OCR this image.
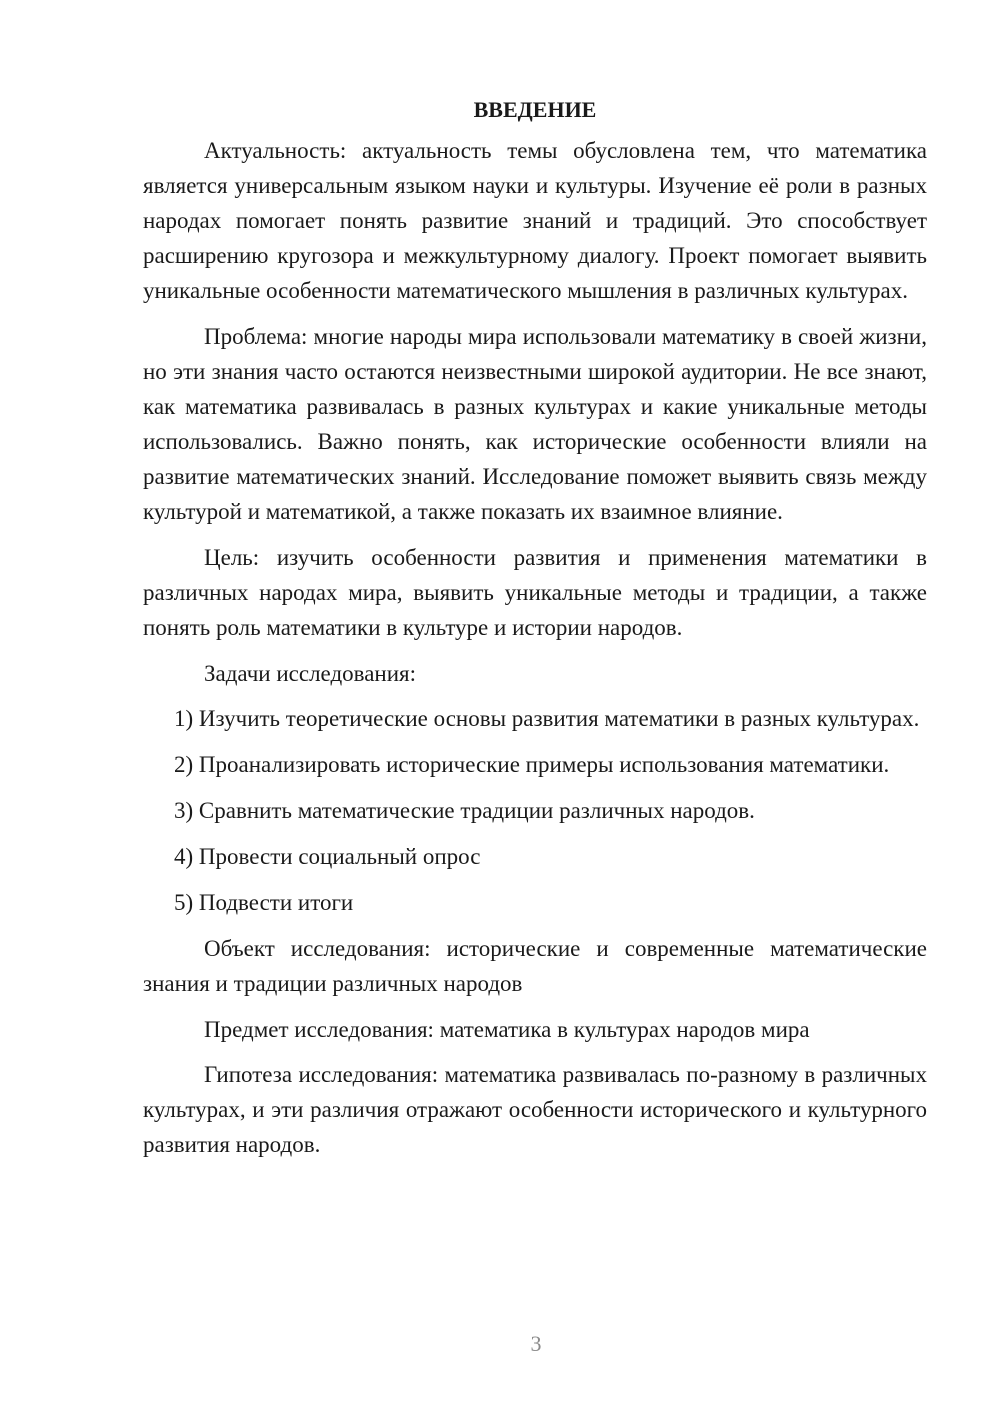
ВВЕДЕНИЕ

Актуальность: актуальность темы обусловлена тем, что математика является универсальным языком науки и культуры. Изучение её роли в разных народах помогает понять развитие знаний и традиций. Это способствует расширению кругозора и межкультурному диалогу. Проект помогает выявить уникальные особенности математического мышления в различных культурах.

Проблема: многие народы мира использовали математику в своей жизни, но эти знания часто остаются неизвестными широкой аудитории. Не все знают, как математика развивалась в разных культурах и какие уникальные методы использовались. Важно понять, как исторические особенности влияли на развитие математических знаний. Исследование поможет выявить связь между культурой и математикой, а также показать их взаимное влияние.

Цель: изучить особенности развития и применения математики в различных народах мира, выявить уникальные методы и традиции, а также понять роль математики в культуре и истории народов.

Задачи исследования:

1) Изучить теоретические основы развития математики в разных культурах.

2) Проанализировать исторические примеры использования математики.

3) Сравнить математические традиции различных народов.

4) Провести социальный опрос

5) Подвести итоги

Объект исследования: исторические и современные математические знания и традиции различных народов

Предмет исследования: математика в культурах народов мира

Гипотеза исследования: математика развивалась по-разному в различных культурах, и эти различия отражают особенности исторического и культурного развития народов.

3
